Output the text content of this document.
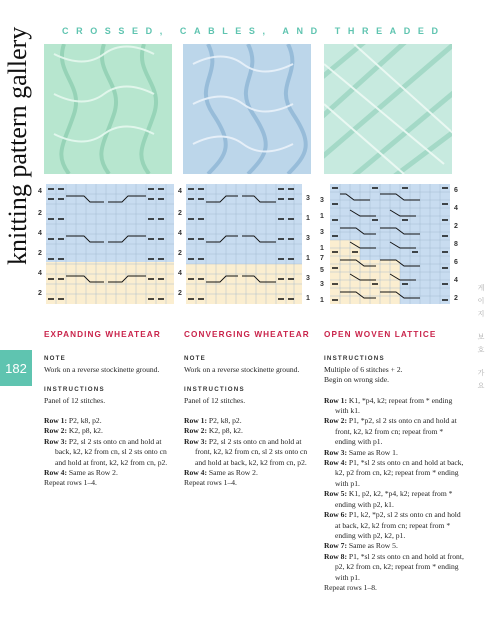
knitting pattern gallery
182
CROSSED, CABLES, AND THREADED
4
2
4
2
4
2
4
2
4
2
4
2
3
1
3
1
3
1
3
1
3
1
7
5
3
1
6
4
2
8
6
4
2
EXPANDING WHEATEAR
NOTE
Work on a reverse stockinette ground.
INSTRUCTIONS
Panel of 12 stitches.
Row 1: P2, k8, p2.
Row 2: K2, p8, k2.
Row 3: P2, sl 2 sts onto cn and hold at back, k2, k2 from cn, sl 2 sts onto cn and hold at front, k2, k2 from cn, p2.
Row 4: Same as Row 2.
Repeat rows 1–4.
CONVERGING WHEATEAR
NOTE
Work on a reverse stockinette ground.
INSTRUCTIONS
Panel of 12 stitches.
Row 1: P2, k8, p2.
Row 2: K2, p8, k2.
Row 3: P2, sl 2 sts onto cn and hold at front, k2, k2 from cn, sl 2 sts onto cn and hold at back, k2, k2 from cn, p2.
Row 4: Same as Row 2.
Repeat rows 1–4.
OPEN WOVEN LATTICE
INSTRUCTIONS
Multiple of 6 stitches + 2.
Begin on wrong side.
Row 1: K1, *p4, k2; repeat from * ending with k1.
Row 2: P1, *p2, sl 2 sts onto cn and hold at front, k2, k2 from cn; repeat from * ending with p1.
Row 3: Same as Row 1.
Row 4: P1, *sl 2 sts onto cn and hold at back, k2, p2 from cn, k2; repeat from * ending with p1.
Row 5: K1, p2, k2, *p4, k2; repeat from * ending with p2, k1.
Row 6: P1, k2, *p2, sl 2 sts onto cn and hold at back, k2, k2 from cn; repeat from * ending with p2, k2, p1.
Row 7: Same as Row 5.
Row 8: P1, *sl 2 sts onto cn and hold at front, p2, k2 from cn, k2; repeat from * ending with p1.
Repeat rows 1–8.
게
이
지
보
호
가
요
